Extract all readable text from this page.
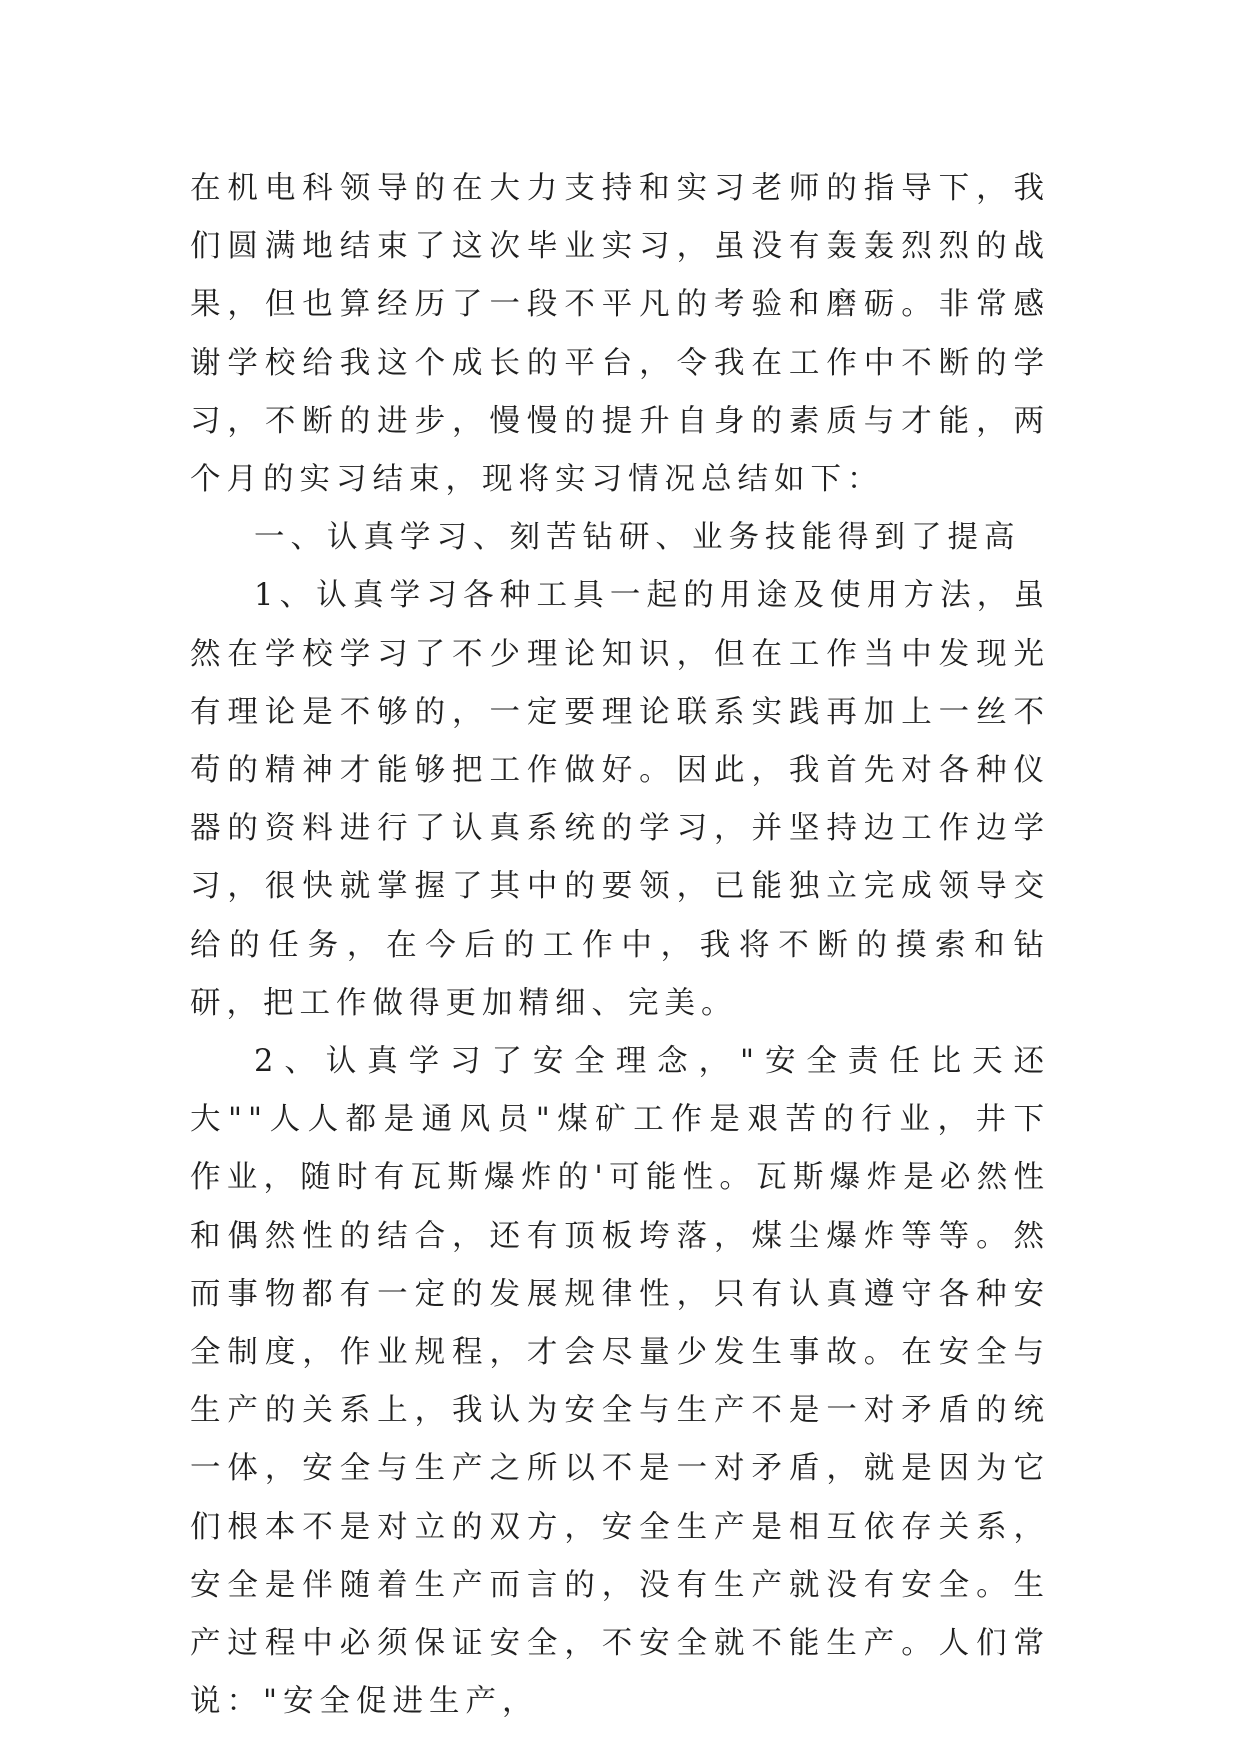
在机电科领导的在大力支持和实习老师的指导下，我们圆满地结束了这次毕业实习，虽没有轰轰烈烈的战果，但也算经历了一段不平凡的考验和磨砺。非常感谢学校给我这个成长的平台，令我在工作中不断的学习，不断的进步，慢慢的提升自身的素质与才能，两个月的实习结束，现将实习情况总结如下：

一、认真学习、刻苦钻研、业务技能得到了提高

1、认真学习各种工具一起的用途及使用方法，虽然在学校学习了不少理论知识，但在工作当中发现光有理论是不够的，一定要理论联系实践再加上一丝不苟的精神才能够把工作做好。因此，我首先对各种仪器的资料进行了认真系统的学习，并坚持边工作边学习，很快就掌握了其中的要领，已能独立完成领导交给的任务，在今后的工作中，我将不断的摸索和钻研，把工作做得更加精细、完美。

2、认真学习了安全理念，"安全责任比天还大""人人都是通风员"煤矿工作是艰苦的行业，井下作业，随时有瓦斯爆炸的'可能性。瓦斯爆炸是必然性和偶然性的结合，还有顶板垮落，煤尘爆炸等等。然而事物都有一定的发展规律性，只有认真遵守各种安全制度，作业规程，才会尽量少发生事故。在安全与生产的关系上，我认为安全与生产不是一对矛盾的统一体，安全与生产之所以不是一对矛盾，就是因为它们根本不是对立的双方，安全生产是相互依存关系，安全是伴随着生产而言的，没有生产就没有安全。生产过程中必须保证安全，不安全就不能生产。人们常说："安全促进生产，
